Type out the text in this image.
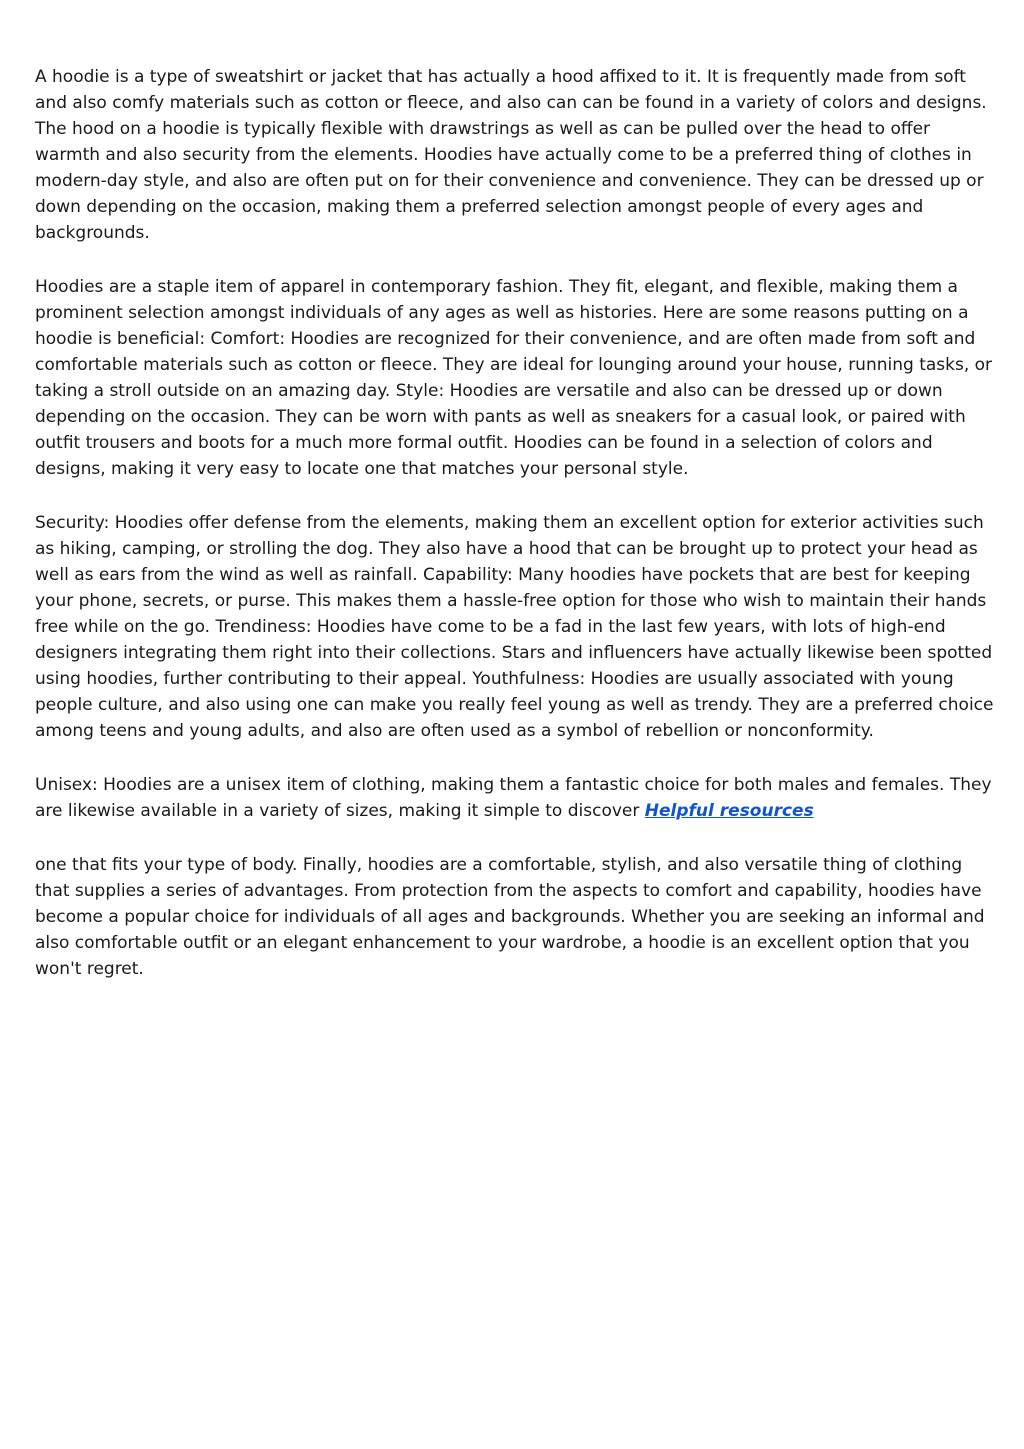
A hoodie is a type of sweatshirt or jacket that has actually a hood affixed to it. It is frequently made from soft and also comfy materials such as cotton or fleece, and also can can be found in a variety of colors and designs. The hood on a hoodie is typically flexible with drawstrings as well as can be pulled over the head to offer warmth and also security from the elements. Hoodies have actually come to be a preferred thing of clothes in modern-day style, and also are often put on for their convenience and convenience. They can be dressed up or down depending on the occasion, making them a preferred selection amongst people of every ages and backgrounds.

Hoodies are a staple item of apparel in contemporary fashion. They fit, elegant, and flexible, making them a prominent selection amongst individuals of any ages as well as histories. Here are some reasons putting on a hoodie is beneficial: Comfort: Hoodies are recognized for their convenience, and are often made from soft and comfortable materials such as cotton or fleece. They are ideal for lounging around your house, running tasks, or taking a stroll outside on an amazing day. Style: Hoodies are versatile and also can be dressed up or down depending on the occasion. They can be worn with pants as well as sneakers for a casual look, or paired with outfit trousers and boots for a much more formal outfit. Hoodies can be found in a selection of colors and designs, making it very easy to locate one that matches your personal style.

Security: Hoodies offer defense from the elements, making them an excellent option for exterior activities such as hiking, camping, or strolling the dog. They also have a hood that can be brought up to protect your head as well as ears from the wind as well as rainfall. Capability: Many hoodies have pockets that are best for keeping your phone, secrets, or purse. This makes them a hassle-free option for those who wish to maintain their hands free while on the go. Trendiness: Hoodies have come to be a fad in the last few years, with lots of high-end designers integrating them right into their collections. Stars and influencers have actually likewise been spotted using hoodies, further contributing to their appeal. Youthfulness: Hoodies are usually associated with young people culture, and also using one can make you really feel young as well as trendy. They are a preferred choice among teens and young adults, and also are often used as a symbol of rebellion or nonconformity.

Unisex: Hoodies are a unisex item of clothing, making them a fantastic choice for both males and females. They are likewise available in a variety of sizes, making it simple to discover Helpful resources

one that fits your type of body. Finally, hoodies are a comfortable, stylish, and also versatile thing of clothing that supplies a series of advantages. From protection from the aspects to comfort and capability, hoodies have become a popular choice for individuals of all ages and backgrounds. Whether you are seeking an informal and also comfortable outfit or an elegant enhancement to your wardrobe, a hoodie is an excellent option that you won't regret.
